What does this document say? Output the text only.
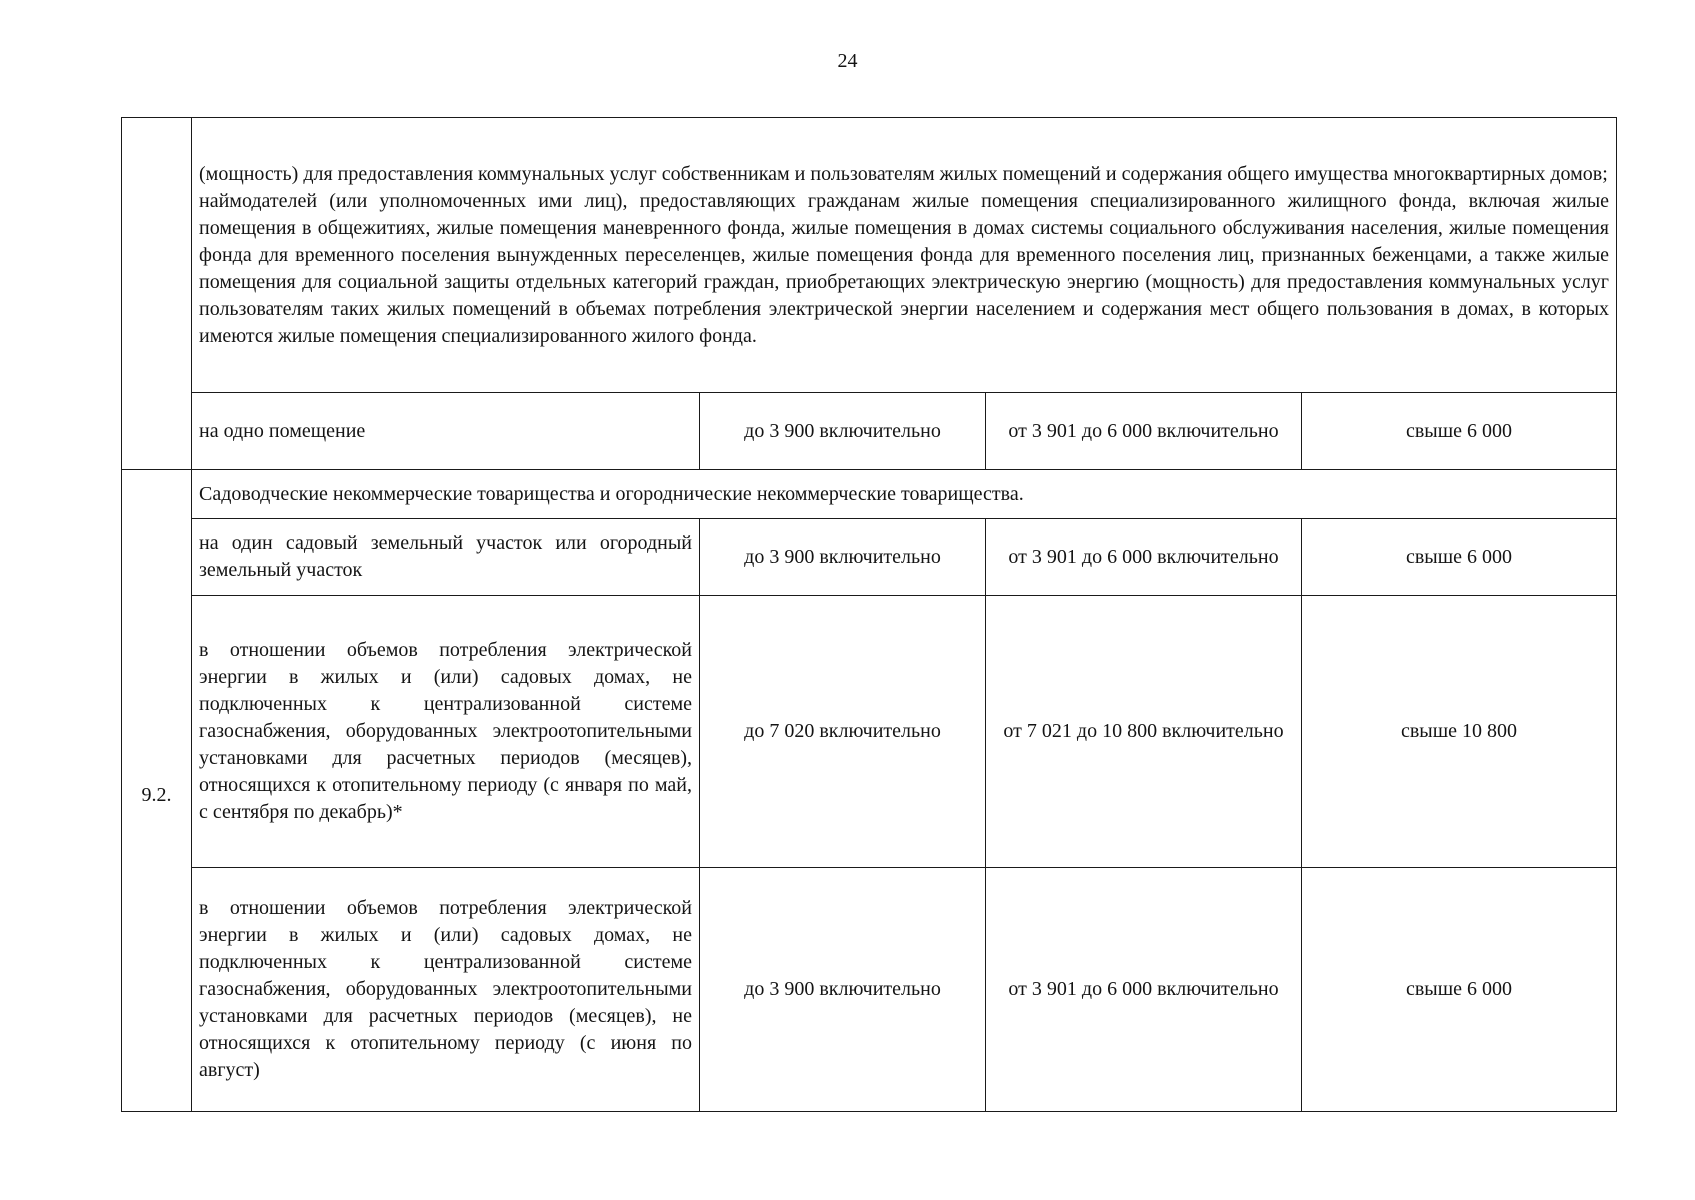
24

	(мощность) для предоставления коммунальных услуг собственникам и пользователям жилых помещений и содержания общего имущества многоквартирных домов;
наймодателей (или уполномоченных ими лиц), предоставляющих гражданам жилые помещения специализированного жилищного фонда, включая жилые помещения в общежитиях, жилые помещения маневренного фонда, жилые помещения в домах системы социального обслуживания населения, жилые помещения фонда для временного поселения вынужденных переселенцев, жилые помещения фонда для временного поселения лиц, признанных беженцами, а также жилые помещения для социальной защиты отдельных категорий граждан, приобретающих электрическую энергию (мощность) для предоставления коммунальных услуг пользователям таких жилых помещений в объемах потребления электрической энергии населением и содержания мест общего пользования в домах, в которых имеются жилые помещения специализированного жилого фонда.			

	на одно помещение	до 3 900 включительно	от 3 901 до 6 000 включительно	свыше 6 000
9.2.	Садоводческие некоммерческие товарищества и огороднические некоммерческие товарищества.			
	на один садовый земельный участок или огородный земельный участок	до 3 900 включительно	от 3 901 до 6 000 включительно	свыше 6 000
	в отношении объемов потребления электрической энергии в жилых и (или) садовых домах, не подключенных к централизованной системе газоснабжения, оборудованных электроотопительными установками для расчетных периодов (месяцев), относящихся к отопительному периоду (с января по май, с сентября по декабрь)*	до 7 020 включительно	от 7 021 до 10 800 включительно	свыше 10 800
	в отношении объемов потребления электрической энергии в жилых и (или) садовых домах, не подключенных к централизованной системе газоснабжения, оборудованных электроотопительными установками для расчетных периодов (месяцев), не относящихся к отопительному периоду (с июня по август)	до 3 900 включительно	от 3 901 до 6 000 включительно	свыше 6 000
